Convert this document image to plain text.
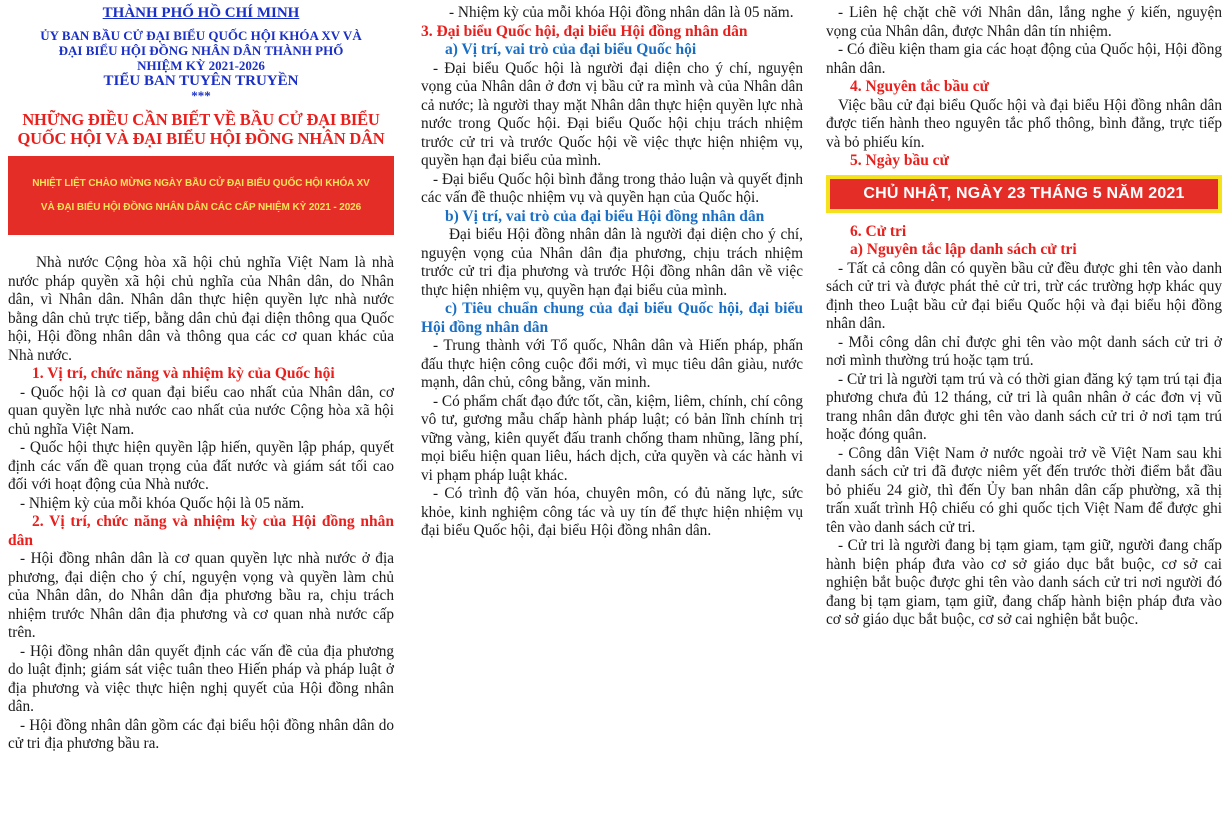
THÀNH PHỐ HỒ CHÍ MINH

ỦY BAN BẦU CỬ ĐẠI BIỂU QUỐC HỘI KHÓA XV VÀ

ĐẠI BIỂU HỘI ĐỒNG NHÂN DÂN THÀNH PHỐ

NHIỆM KỲ 2021-2026

TIỂU BAN TUYÊN TRUYỀN

***

NHỮNG ĐIỀU CẦN BIẾT VỀ BẦU CỬ ĐẠI BIỂU QUỐC HỘI VÀ ĐẠI BIỂU HỘI ĐỒNG NHÂN DÂN

NHIỆT LIỆT CHÀO MỪNG NGÀY BẦU CỬ ĐẠI BIỂU QUỐC HỘI KHÓA XV
VÀ ĐẠI BIỂU HỘI ĐỒNG NHÂN DÂN CÁC CẤP NHIỆM KỲ 2021 - 2026

Nhà nước Cộng hòa xã hội chủ nghĩa Việt Nam là nhà nước pháp quyền xã hội chủ nghĩa của Nhân dân, do Nhân dân, vì Nhân dân. Nhân dân thực hiện quyền lực nhà nước bằng dân chủ trực tiếp, bằng dân chủ đại diện thông qua Quốc hội, Hội đồng nhân dân và thông qua các cơ quan khác của Nhà nước.

1. Vị trí, chức năng và nhiệm kỳ của Quốc hội

- Quốc hội là cơ quan đại biểu cao nhất của Nhân dân, cơ quan quyền lực nhà nước cao nhất của nước Cộng hòa xã hội chủ nghĩa Việt Nam.

- Quốc hội thực hiện quyền lập hiến, quyền lập pháp, quyết định các vấn đề quan trọng của đất nước và giám sát tối cao đối với hoạt động của Nhà nước.

- Nhiệm kỳ của mỗi khóa Quốc hội là 05 năm.

2. Vị trí, chức năng và nhiệm kỳ của Hội đồng nhân dân

- Hội đồng nhân dân là cơ quan quyền lực nhà nước ở địa phương, đại diện cho ý chí, nguyện vọng và quyền làm chủ của Nhân dân, do Nhân dân địa phương bầu ra, chịu trách nhiệm trước Nhân dân địa phương và cơ quan nhà nước cấp trên.

- Hội đồng nhân dân quyết định các vấn đề của địa phương do luật định; giám sát việc tuân theo Hiến pháp và pháp luật ở địa phương và việc thực hiện nghị quyết của Hội đồng nhân dân.

- Hội đồng nhân dân gồm các đại biểu hội đồng nhân dân do cử tri địa phương bầu ra.

- Nhiệm kỳ của mỗi khóa Hội đồng nhân dân là 05 năm.

3. Đại biểu Quốc hội, đại biểu Hội đồng nhân dân

a) Vị trí, vai trò của đại biểu Quốc hội

- Đại biểu Quốc hội là người đại diện cho ý chí, nguyện vọng của Nhân dân ở đơn vị bầu cử ra mình và của Nhân dân cả nước; là người thay mặt Nhân dân thực hiện quyền lực nhà nước trong Quốc hội. Đại biểu Quốc hội chịu trách nhiệm trước cử tri và trước Quốc hội về việc thực hiện nhiệm vụ, quyền hạn đại biểu của mình.

- Đại biểu Quốc hội bình đẳng trong thảo luận và quyết định các vấn đề thuộc nhiệm vụ và quyền hạn của Quốc hội.

b) Vị trí, vai trò của đại biểu Hội đồng nhân dân

Đại biểu Hội đồng nhân dân là người đại diện cho ý chí, nguyện vọng của Nhân dân địa phương, chịu trách nhiệm trước cử tri địa phương và trước Hội đồng nhân dân về việc thực hiện nhiệm vụ, quyền hạn đại biểu của mình.

c) Tiêu chuẩn chung của đại biểu Quốc hội, đại biểu Hội đồng nhân dân

- Trung thành với Tổ quốc, Nhân dân và Hiến pháp, phấn đấu thực hiện công cuộc đổi mới, vì mục tiêu dân giàu, nước mạnh, dân chủ, công bằng, văn minh.

- Có phẩm chất đạo đức tốt, cần, kiệm, liêm, chính, chí công vô tư, gương mẫu chấp hành pháp luật; có bản lĩnh chính trị vững vàng, kiên quyết đấu tranh chống tham nhũng, lãng phí, mọi biểu hiện quan liêu, hách dịch, cửa quyền và các hành vi vi phạm pháp luật khác.

- Có trình độ văn hóa, chuyên môn, có đủ năng lực, sức khỏe, kinh nghiệm công tác và uy tín để thực hiện nhiệm vụ đại biểu Quốc hội, đại biểu Hội đồng nhân dân.

- Liên hệ chặt chẽ với Nhân dân, lắng nghe ý kiến, nguyện vọng của Nhân dân, được Nhân dân tín nhiệm.

- Có điều kiện tham gia các hoạt động của Quốc hội, Hội đồng nhân dân.

4. Nguyên tắc bầu cử

Việc bầu cử đại biểu Quốc hội và đại biểu Hội đồng nhân dân được tiến hành theo nguyên tắc phổ thông, bình đẳng, trực tiếp và bỏ phiếu kín.

5. Ngày bầu cử

CHỦ NHẬT, NGÀY 23 THÁNG 5 NĂM 2021

6. Cử tri

a) Nguyên tắc lập danh sách cử tri

- Tất cả công dân có quyền bầu cử đều được ghi tên vào danh sách cử tri và được phát thẻ cử tri, trừ các trường hợp khác quy định theo Luật bầu cử đại biểu Quốc hội và đại biểu hội đồng nhân dân.

- Mỗi công dân chỉ được ghi tên vào một danh sách cử tri ở nơi mình thường trú hoặc tạm trú.

- Cử tri là người tạm trú và có thời gian đăng ký tạm trú tại địa phương chưa đủ 12 tháng, cử tri là quân nhân ở các đơn vị vũ trang nhân dân được ghi tên vào danh sách cử tri ở nơi tạm trú hoặc đóng quân.

- Công dân Việt Nam ở nước ngoài trở về Việt Nam sau khi danh sách cử tri đã được niêm yết đến trước thời điểm bắt đầu bỏ phiếu 24 giờ, thì đến Ủy ban nhân dân cấp phường, xã thị trấn xuất trình Hộ chiếu có ghi quốc tịch Việt Nam để được ghi tên vào danh sách cử tri.

- Cử tri là người đang bị tạm giam, tạm giữ, người đang chấp hành biện pháp đưa vào cơ sở giáo dục bắt buộc, cơ sở cai nghiện bắt buộc được ghi tên vào danh sách cử tri nơi người đó đang bị tạm giam, tạm giữ, đang chấp hành biện pháp đưa vào cơ sở giáo dục bắt buộc, cơ sở cai nghiện bắt buộc.
